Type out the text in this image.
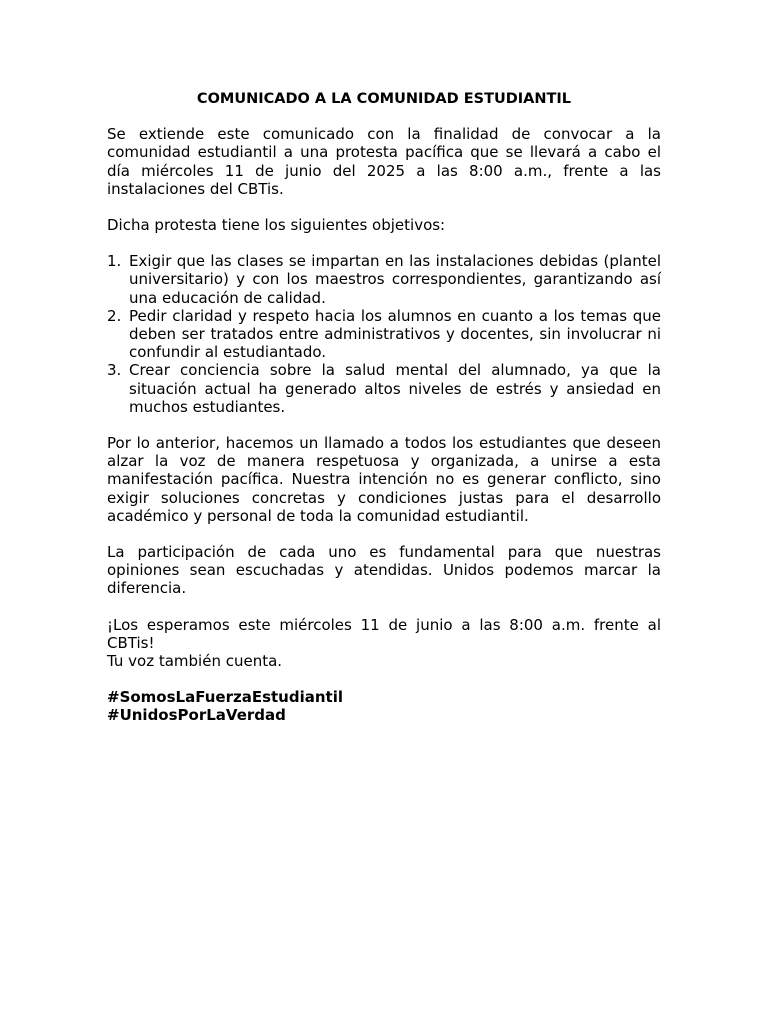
COMUNICADO A LA COMUNIDAD ESTUDIANTIL

Se extiende este comunicado con la finalidad de convocar a la comunidad estudiantil a una protesta pacífica que se llevará a cabo el día miércoles 11 de junio del 2025 a las 8:00 a.m., frente a las instalaciones del CBTis.

Dicha protesta tiene los siguientes objetivos:

1. Exigir que las clases se impartan en las instalaciones debidas (plantel universitario) y con los maestros correspondientes, garantizando así una educación de calidad.
2. Pedir claridad y respeto hacia los alumnos en cuanto a los temas que deben ser tratados entre administrativos y docentes, sin involucrar ni confundir al estudiantado.
3. Crear conciencia sobre la salud mental del alumnado, ya que la situación actual ha generado altos niveles de estrés y ansiedad en muchos estudiantes.

Por lo anterior, hacemos un llamado a todos los estudiantes que deseen alzar la voz de manera respetuosa y organizada, a unirse a esta manifestación pacífica. Nuestra intención no es generar conflicto, sino exigir soluciones concretas y condiciones justas para el desarrollo académico y personal de toda la comunidad estudiantil.

La participación de cada uno es fundamental para que nuestras opiniones sean escuchadas y atendidas. Unidos podemos marcar la diferencia.

¡Los esperamos este miércoles 11 de junio a las 8:00 a.m. frente al CBTis!
Tu voz también cuenta.
#SomosLaFuerzaEstudiantil
#UnidosPorLaVerdad
